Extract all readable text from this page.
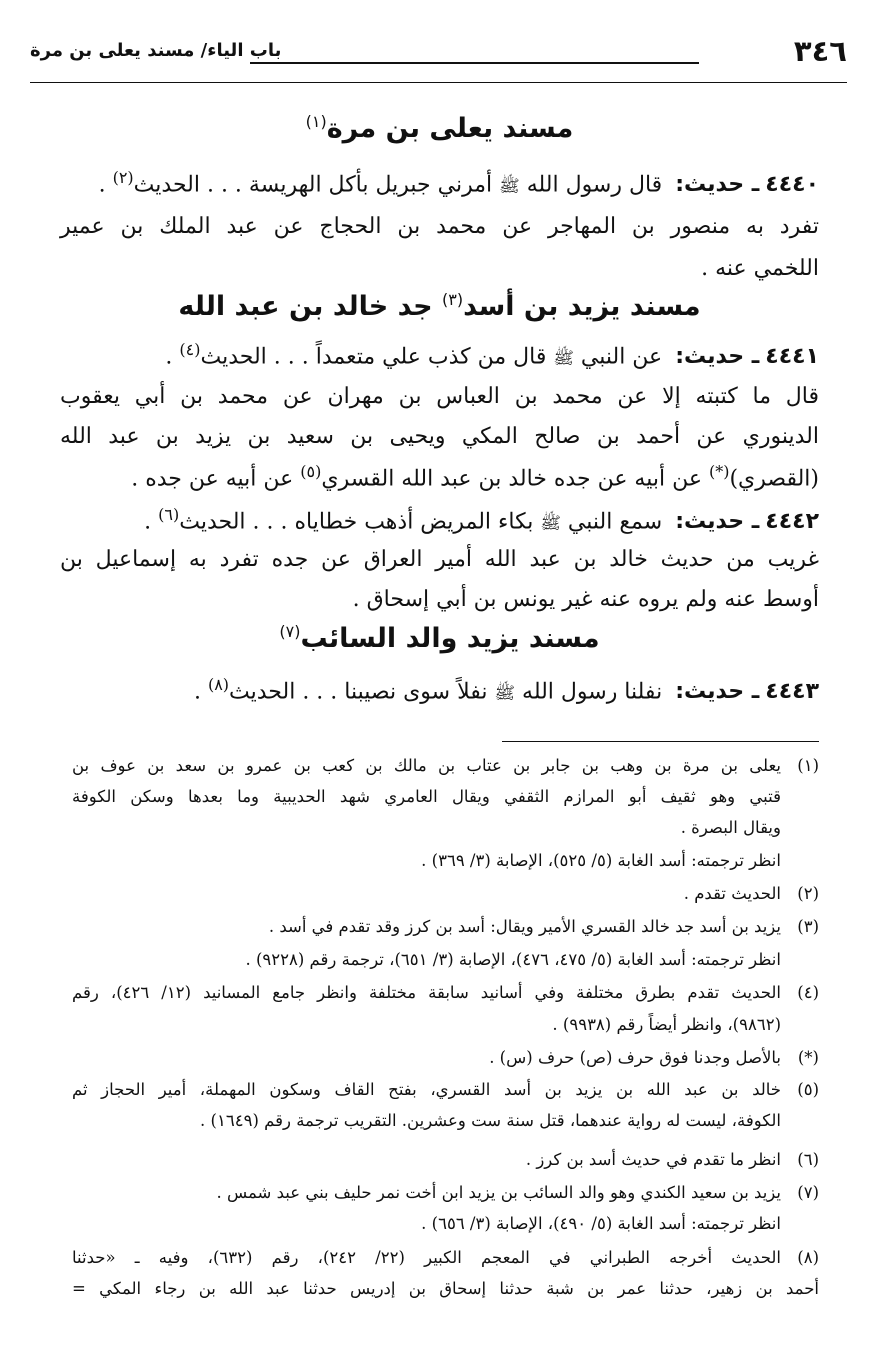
٣٤٦
باب الياء/ مسند يعلى بن مرة
مسند يعلى بن مرة$^{(١)}$
٤٤٤٠ـ حديث: قال رسول الله ﷺ أمرني جبريل بأكل الهريسة . . . الحديث$^{(٢)}$ .
تفرد به منصور بن المهاجر عن محمد بن الحجاج عن عبد الملك بن عمير
اللخمي عنه .
مسند يزيد بن أسد$^{(٣)}$ جد خالد بن عبد الله
٤٤٤١ـ حديث: عن النبي ﷺ قال من كذب علي متعمداً . . . الحديث$^{(٤)}$ .
قال ما كتبته إلا عن محمد بن العباس بن مهران عن محمد بن أبي يعقوب
الدينوري عن أحمد بن صالح المكي ويحيى بن سعيد بن يزيد بن عبد الله
(القصري)(*) عن أبيه عن جده خالد بن عبد الله القسري$^{(٥)}$ عن أبيه عن جده .
٤٤٤٢ـ حديث: سمع النبي ﷺ بكاء المريض أذهب خطاياه . . . الحديث$^{(٦)}$ .
غريب من حديث خالد بن عبد الله أمير العراق عن جده تفرد به إسماعيل بن
أوسط عنه ولم يروه عنه غير يونس بن أبي إسحاق .
مسند يزيد والد السائب$^{(٧)}$
٤٤٤٣ـ حديث: نفلنا رسول الله ﷺ نفلاً سوى نصيبنا . . . الحديث$^{(٨)}$ .
(١)يعلى بن مرة بن وهب بن جابر بن عتاب بن مالك بن كعب بن عمرو بن سعد بن عوف بن
قتبي وهو ثقيف أبو المرازم الثقفي ويقال العامري شهد الحديبية وما بعدها وسكن الكوفة
ويقال البصرة .
انظر ترجمته: أسد الغابة (٥/ ٥٢٥)، الإصابة (٣/ ٣٦٩) .
(٢)الحديث تقدم .
(٣)يزيد بن أسد جد خالد القسري الأمير ويقال: أسد بن كرز وقد تقدم في أسد .
انظر ترجمته: أسد الغابة (٥/ ٤٧٥، ٤٧٦)، الإصابة (٣/ ٦٥١)، ترجمة رقم (٩٢٢٨) .
(٤)الحديث تقدم بطرق مختلفة وفي أسانيد سابقة مختلفة وانظر جامع المسانيد (١٢/ ٤٢٦)، رقم
(٩٨٦٢)، وانظر أيضاً رقم (٩٩٣٨) .
(*)بالأصل وجدنا فوق حرف (ص) حرف (س) .
(٥)خالد بن عبد الله بن يزيد بن أسد القسري، بفتح القاف وسكون المهملة، أمير الحجاز ثم
الكوفة، ليست له رواية عندهما، قتل سنة ست وعشرين. التقريب ترجمة رقم (١٦٤٩) .
(٦)انظر ما تقدم في حديث أسد بن كرز .
(٧)يزيد بن سعيد الكندي وهو والد السائب بن يزيد ابن أخت نمر حليف بني عبد شمس .
انظر ترجمته: أسد الغابة (٥/ ٤٩٠)، الإصابة (٣/ ٦٥٦) .
(٨)الحديث أخرجه الطبراني في المعجم الكبير (٢٢/ ٢٤٢)، رقم (٦٣٢)، وفيه ـ «حدثنا
أحمد بن زهير، حدثنا عمر بن شبة حدثنا إسحاق بن إدريس حدثنا عبد الله بن رجاء المكي =
